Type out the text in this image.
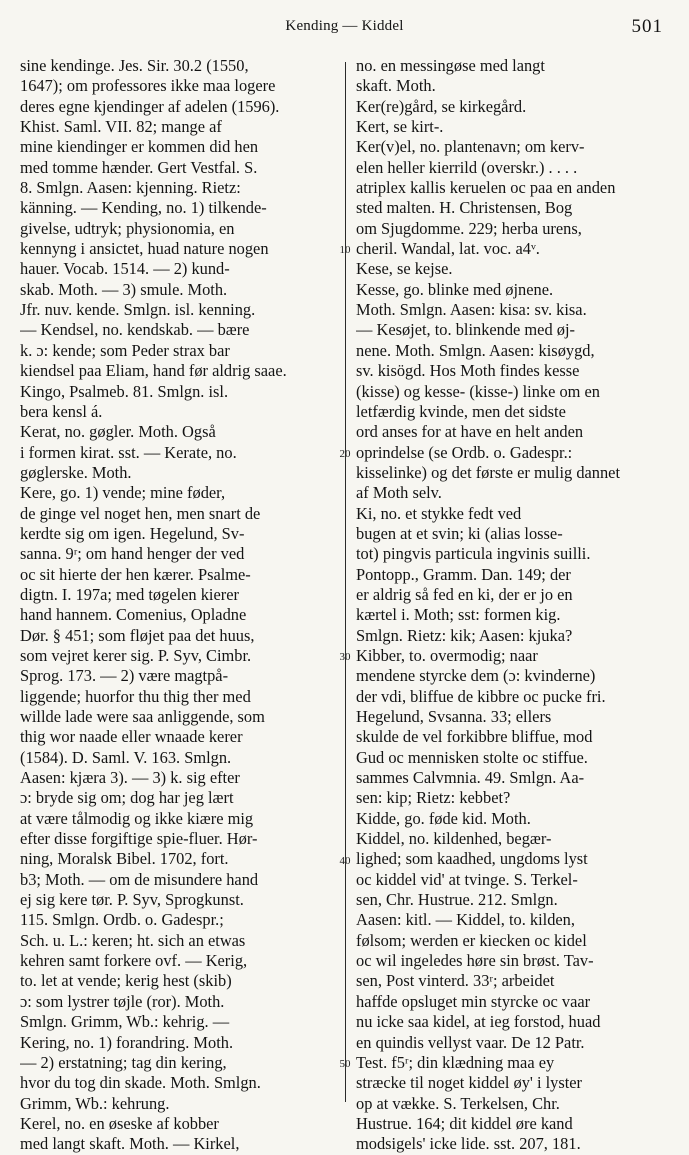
Kending — Kiddel	501
sine kendinge. Jes. Sir. 30.2 (1550,
1647); om professores ikke maa logere
deres egne kjendinger af adelen (1596).
Khist. Saml. VII. 82; mange af
mine kiendinger er kommen did hen
med tomme hænder. Gert Vestfal. S.
8. Smlgn. Aasen: kjenning. Rietz:
känning. — Kending, no. 1) tilkende-
givelse, udtryk; physionomia, en
kennyng i ansictet, huad nature nogen
hauer. Vocab. 1514. — 2) kund-
skab. Moth. — 3) smule. Moth.
Jfr. nuv. kende. Smlgn. isl. kenning.
— Kendsel, no. kendskab. — bære
k. ɔ: kende; som Peder strax bar
kiendsel paa Eliam, hand før aldrig saae.
Kingo, Psalmeb. 81. Smlgn. isl.
bera kensl á.
Kerat, no. gøgler. Moth. Også
i formen kirat. sst. — Kerate, no.
gøglerske. Moth.
Kere, go. 1) vende; mine føder,
de ginge vel noget hen, men snart de
kerdte sig om igen. Hegelund, Sv-
sanna. 9ʳ; om hand henger der ved
oc sit hierte der hen kærer. Psalme-
digtn. I. 197a; med tøgelen kierer
hand hannem. Comenius, Opladne
Dør. § 451; som fløjet paa det huus,
som vejret kerer sig. P. Syv, Cimbr.
Sprog. 173. — 2) være magtpå-
liggende; huorfor thu thig ther med
willde lade were saa anliggende, som
thig wor naade eller wnaade kerer
(1584). D. Saml. V. 163. Smlgn.
Aasen: kjæra 3). — 3) k. sig efter
ɔ: bryde sig om; dog har jeg lært
at være tålmodig og ikke kiære mig
efter disse forgiftige spie-fluer. Hør-
ning, Moralsk Bibel. 1702, fort.
b3; Moth. — om de misundere hand
ej sig kere tør. P. Syv, Sprogkunst.
115. Smlgn. Ordb. o. Gadespr.;
Sch. u. L.: keren; ht. sich an etwas
kehren samt forkere ovf. — Kerig,
to. let at vende; kerig hest (skib)
ɔ: som lystrer tøjle (ror). Moth.
Smlgn. Grimm, Wb.: kehrig. —
Kering, no. 1) forandring. Moth.
— 2) erstatning; tag din kering,
hvor du tog din skade. Moth. Smlgn.
Grimm, Wb.: kehrung.
Kerel, no. en øseske af kobber
med langt skaft. Moth. — Kirkel,
10
20
30
40
50
no. en messingøse med langt
skaft. Moth.
Ker(re)gård, se kirkegård.
Kert, se kirt-.
Ker(v)el, no. plantenavn; om kerv-
elen heller kierrild (overskr.) . . . .
atriplex kallis keruelen oc paa en anden
sted malten. H. Christensen, Bog
om Sjugdomme. 229; herba urens,
cheril. Wandal, lat. voc. a4ᵛ.
Kese, se kejse.
Kesse, go. blinke med øjnene.
Moth. Smlgn. Aasen: kisa: sv. kisa.
— Kesøjet, to. blinkende med øj-
nene. Moth. Smlgn. Aasen: kisøygd,
sv. kisögd. Hos Moth findes kesse
(kisse) og kesse- (kisse-) linke om en
letfærdig kvinde, men det sidste
ord anses for at have en helt anden
oprindelse (se Ordb. o. Gadespr.:
kisselinke) og det første er mulig dannet
af Moth selv.
Ki, no. et stykke fedt ved
bugen at et svin; ki (alias losse-
tot) pingvis particula ingvinis suilli.
Pontopp., Gramm. Dan. 149; der
er aldrig så fed en ki, der er jo en
kærtel i. Moth; sst: formen kig.
Smlgn. Rietz: kik; Aasen: kjuka?
Kibber, to. overmodig; naar
mendene styrcke dem (ɔ: kvinderne)
der vdi, bliffue de kibbre oc pucke fri.
Hegelund, Svsanna. 33; ellers
skulde de vel forkibbre bliffue, mod
Gud oc mennisken stolte oc stiffue.
sammes Calvmnia. 49. Smlgn. Aa-
sen: kip; Rietz: kebbet?
Kidde, go. føde kid. Moth.
Kiddel, no. kildenhed, begær-
lighed; som kaadhed, ungdoms lyst
oc kiddel vid' at tvinge. S. Terkel-
sen, Chr. Hustrue. 212. Smlgn.
Aasen: kitl. — Kiddel, to. kilden,
følsom; werden er kiecken oc kidel
oc wil ingeledes høre sin brøst. Tav-
sen, Post vinterd. 33ʳ; arbeidet
haffde opsluget min styrcke oc vaar
nu icke saa kidel, at ieg forstod, huad
en quindis vellyst vaar. De 12 Patr.
Test. f5ʳ; din klædning maa ey
stræcke til noget kiddel øy' i lyster
op at vække. S. Terkelsen, Chr.
Hustrue. 164; dit kiddel øre kand
modsigels' icke lide. sst. 207, 181.
